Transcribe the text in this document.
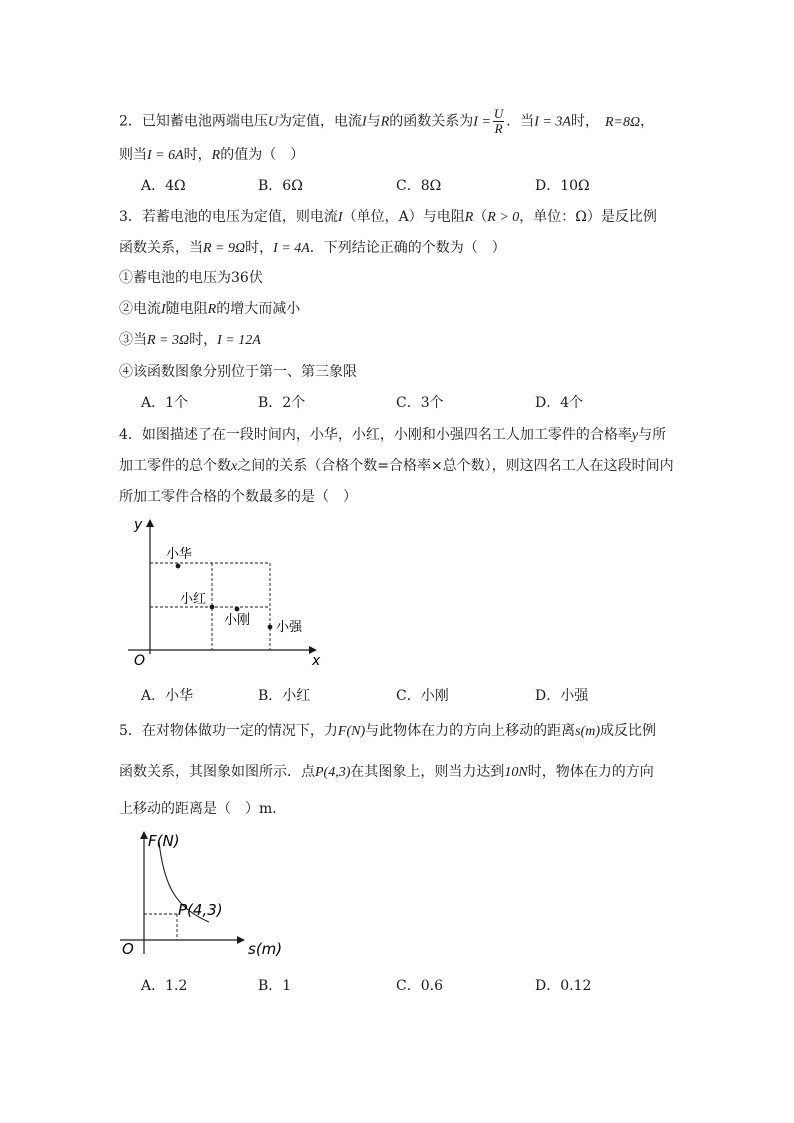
2．已知蓄电池两端电压U为定值，电流I与R的函数关系为$I = \frac{U}{R}$ ．当I = 3A时， R=8Ω，
则当I = 6A时，R的值为（　）
A．4Ω	B．6Ω	C．8Ω	D．10Ω
3．若蓄电池的电压为定值，则电流I（单位，A）与电阻R（R > 0，单位：Ω）是反比例
函数关系，当R = 9Ω时，I = 4A．下列结论正确的个数为（　）
①蓄电池的电压为36伏
②电流I随电阻R的增大而减小
③当R = 3Ω时，I = 12A
④该函数图象分别位于第一、第三象限
A．1个	B．2个	C．3个	D．4个
4．如图描述了在一段时间内，小华，小红，小刚和小强四名工人加工零件的合格率y与所
加工零件的总个数x之间的关系（合格个数=合格率×总个数），则这四名工人在这段时间内
所加工零件合格的个数最多的是（　）
y
x
O
小华
小红
小刚 小强
A．小华	B．小红	C．小刚	D．小强
5．在对物体做功一定的情况下，力F(N)与此物体在力的方向上移动的距离s(m)成反比例
函数关系，其图象如图所示．点P(4,3)在其图象上，则当力达到10N时，物体在力的方向
上移动的距离是（　）m．
F(N)
s(m)
O
P(4,3)
A．1.2	B．1	C．0.6	D．0.12
